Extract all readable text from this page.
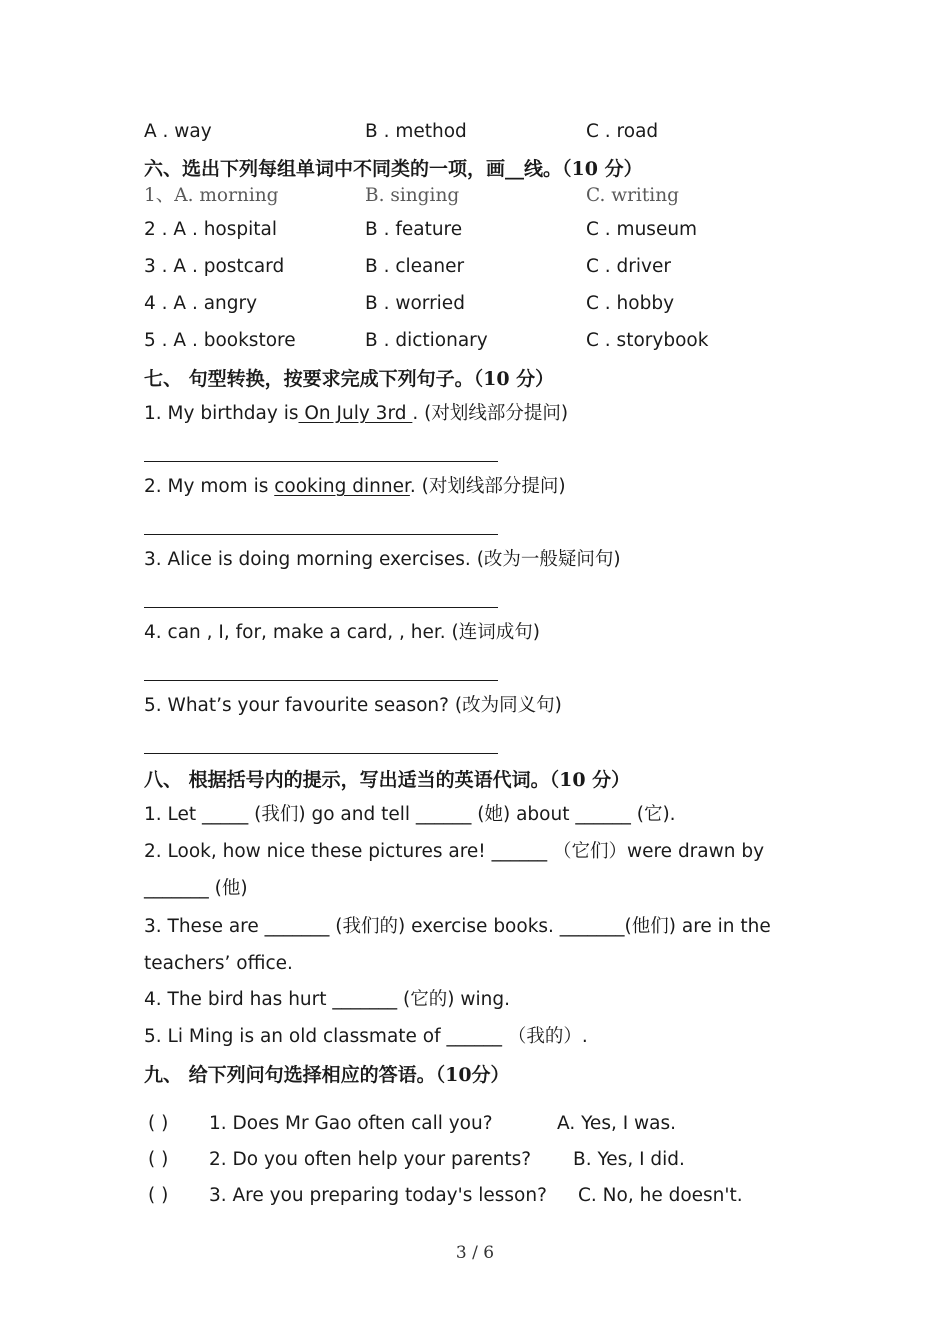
A . way	B . method	C . road
六、选出下列每组单词中不同类的一项，画__线。（10 分）
1、A. morning	B. singing	C. writing
2 . A . hospital	B . feature	C . museum
3 . A . postcard	B . cleaner	C . driver
4 . A . angry	B . worried	C . hobby
5 . A . bookstore	B . dictionary	C . storybook
七、 句型转换，按要求完成下列句子。（10 分）
1. My birthday is On July 3rd . (对划线部分提问)
2. My mom is cooking dinner. (对划线部分提问)
3. Alice is doing morning exercises. (改为一般疑问句)
4. can , I, for, make a card, , her. (连词成句)
5. What’s your favourite season? (改为同义句)
八、 根据括号内的提示，写出适当的英语代词。（10 分）
1. Let _____ (我们) go and tell ______ (她) about ______ (它).
2. Look, how nice these pictures are! ______ （它们）were drawn by
_______ (他)
3. These are _______ (我们的) exercise books. _______(他们) are in the
teachers’ office.
4. The bird has hurt _______ (它的) wing.
5. Li Ming is an old classmate of ______ （我的）.
九、 给下列问句选择相应的答语。（10分）
( ) 1. Does Mr Gao often call you?	A. Yes, I was.
( ) 2. Do you often help your parents? B. Yes, I did.
( ) 3. Are you preparing today's lesson? C. No, he doesn't.
3 / 6
